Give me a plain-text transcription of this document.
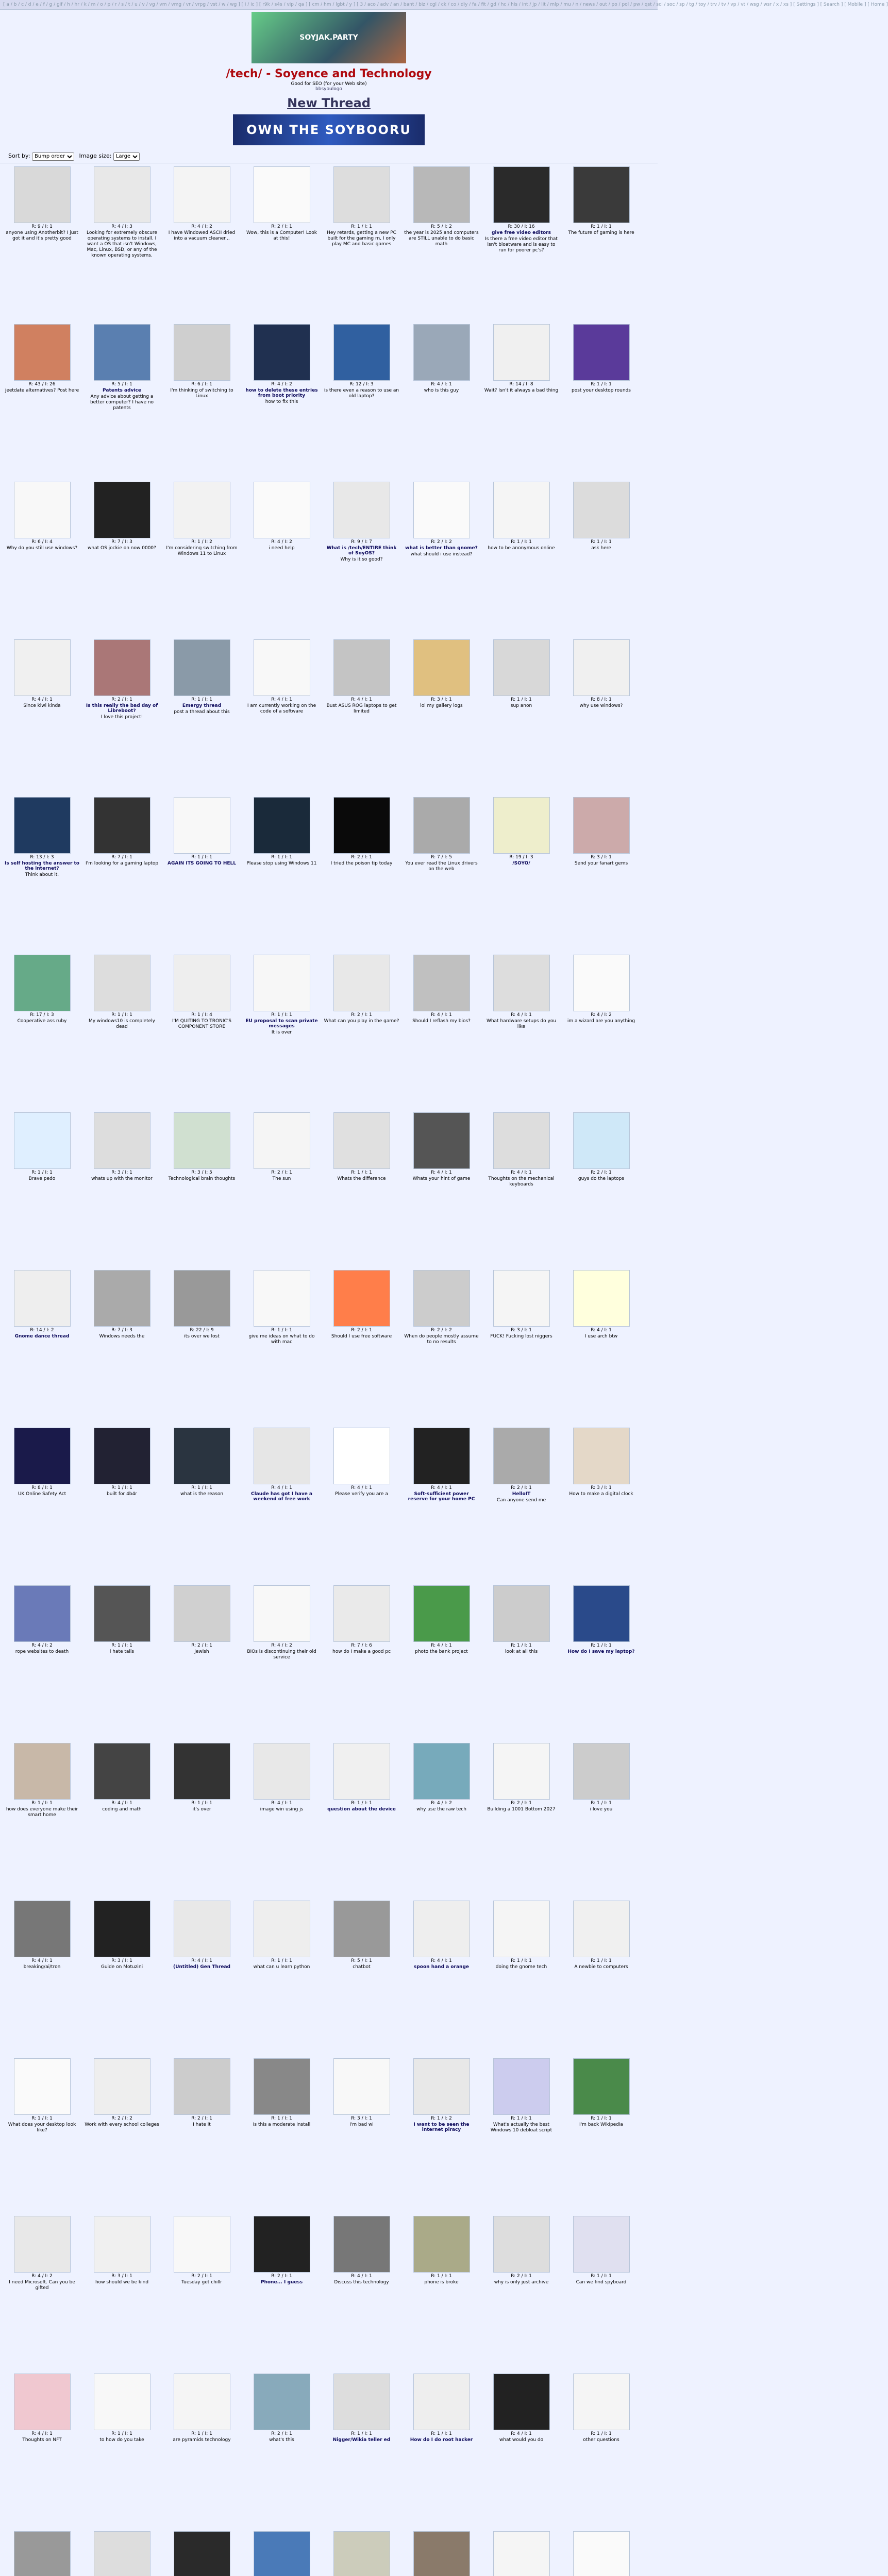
[ a / b / c / d / e / f / g / gif / h / hr / k / m / o / p / r / s / t / u / v / vg / vm / vmg / vr / vrpg / vst / w / wg ] [ i / ic ] [ r9k / s4s / vip / qa ] [ cm / hm / lgbt / y ] [ 3 / aco / adv / an / bant / biz / cgl / ck / co / diy / fa / fit / gd / hc / his / int / jp / lit / mlp / mu / n / news / out / po / pol / pw / qst / sci / soc / sp / tg / toy / trv / tv / vp / vt / wsg / wsr / x / xs ] [ Settings ] [ Search ] [ Mobile ] [ Home ]
SOYJAK.PARTY
/tech/ - Soyence and Technology
Good for SEO (for your Web site)
bbsyoulogo
New Thread
OWN THE SOYBOORU
Sort by:
Bump order	Image size:
Large
R: 9 / I: 1
anyone using Anotherbit? I just got it and it's pretty good
R: 4 / I: 3
Looking for extremely obscure operating systems to install. I want a OS that isn't Windows, Mac, Linux, BSD, or any of the known operating systems.
R: 4 / I: 2
I have Windowed ASCII dried into a vacuum cleaner...
R: 2 / I: 1
Wow, this is a Computer! Look at this!
R: 1 / I: 1
Hey retards, getting a new PC built for the gaming rn, I only play MC and basic games
R: 5 / I: 2
the year is 2025 and computers are STILL unable to do basic math
R: 30 / I: 16
give free video editors
Is there a free video editor that isn't bloatware and is easy to run for poorer pc's?
R: 1 / I: 1
The future of gaming is here
R: 43 / I: 26
jeetdate alternatives? Post here
R: 5 / I: 1
Patents advice
Any advice about getting a better computer? I have no patents
R: 6 / I: 1
I'm thinking of switching to Linux
R: 4 / I: 2
how to delete these entries from boot priority
how to fix this
R: 12 / I: 3
is there even a reason to use an old laptop?
R: 4 / I: 1
who is this guy
R: 14 / I: 8
Wait? Isn't it always a bad thing
R: 1 / I: 1
post your desktop rounds
R: 6 / I: 4
Why do you still use windows?
R: 7 / I: 3
what OS jockie on now 0000?
R: 1 / I: 2
I'm considering switching from Windows 11 to Linux
R: 4 / I: 2
i need help
R: 9 / I: 7
What is /tech/ENTIRE think of SoyOS?
Why is it so good?
R: 2 / I: 2
what is better than gnome?
what should i use instead?
R: 1 / I: 1
how to be anonymous online
R: 1 / I: 1
ask here
R: 4 / I: 1
Since kiwi kinda
R: 2 / I: 1
Is this really the bad day of Libreboot?
I love this project!
R: 1 / I: 1
Emergy thread
post a thread about this
R: 4 / I: 1
I am currently working on the code of a software
R: 4 / I: 1
Bust ASUS ROG laptops to get limited
R: 3 / I: 1
lol my gallery logs
R: 1 / I: 1
sup anon
R: 8 / I: 1
why use windows?
R: 13 / I: 3
Is self hosting the answer to the internet?
Think about it.
R: 7 / I: 1
I'm looking for a gaming laptop
R: 1 / I: 1
AGAIN ITS GOING TO HELL
R: 1 / I: 1
Please stop using Windows 11
R: 2 / I: 1
I tried the poison tip today
R: 7 / I: 5
You ever read the Linux drivers on the web
R: 19 / I: 3
/SOYO/
R: 3 / I: 1
Send your fanart gems
R: 17 / I: 3
Cooperative ass ruby
R: 1 / I: 1
My windows10 is completely dead
R: 1 / I: 4
I'M QUITING TO TRONIC'S COMPONENT STORE
R: 1 / I: 1
EU proposal to scan private messages
It is over
R: 2 / I: 1
What can you play in the game?
R: 4 / I: 1
Should I reflash my bios?
R: 4 / I: 1
What hardware setups do you like
R: 4 / I: 2
im a wizard are you anything
R: 1 / I: 1
Brave pedo
R: 3 / I: 1
whats up with the monitor
R: 3 / I: 5
Technological brain thoughts
R: 2 / I: 1
The sun
R: 1 / I: 1
Whats the difference
R: 4 / I: 1
Whats your hint of game
R: 4 / I: 1
Thoughts on the mechanical keyboards
R: 2 / I: 1
guys do the laptops
R: 14 / I: 2
Gnome dance thread
R: 7 / I: 3
Windows needs the
R: 22 / I: 9
its over we lost
R: 1 / I: 1
give me ideas on what to do with mac
R: 2 / I: 1
Should I use free software
R: 2 / I: 2
When do people mostly assume to no results
R: 3 / I: 1
FUCK! Fucking lost niggers
R: 4 / I: 1
I use arch btw
R: 8 / I: 1
UK Online Safety Act
R: 1 / I: 1
built for 4b4r
R: 1 / I: 1
what is the reason
R: 4 / I: 1
Claude has got I have a weekend of free work
R: 4 / I: 1
Please verify you are a
R: 4 / I: 1
Soft-sufficient power reserve for your home PC
R: 2 / I: 1
HelloIT
Can anyone send me
R: 3 / I: 1
How to make a digital clock
R: 4 / I: 2
rope websites to death
R: 1 / I: 1
i hate tails
R: 2 / I: 1
jewish
R: 4 / I: 2
BIOs is discontinuing their old service
R: 7 / I: 6
how do I make a good pc
R: 4 / I: 1
photo the bank project
R: 1 / I: 1
look at all this
R: 1 / I: 1
How do I save my laptop?
R: 1 / I: 1
how does everyone make their smart home
R: 4 / I: 1
coding and math
R: 1 / I: 1
it's over
R: 4 / I: 1
image win using js
R: 1 / I: 1
question about the device
R: 4 / I: 2
why use the raw tech
R: 2 / I: 1
Building a 1001 Bottom 2027
R: 1 / I: 1
i love you
R: 4 / I: 1
breaking/ai/tron
R: 3 / I: 1
Guide on Motuzini
R: 4 / I: 1
(Untitled) Gen Thread
R: 1 / I: 1
what can u learn python
R: 5 / I: 1
chatbot
R: 4 / I: 1
spoon hand a orange
R: 1 / I: 1
doing the gnome tech
R: 1 / I: 1
A newbie to computers
R: 1 / I: 1
What does your desktop look like?
R: 2 / I: 2
Work with every school colleges
R: 2 / I: 1
I hate it
R: 1 / I: 1
Is this a moderate install
R: 3 / I: 1
I'm bad wi
R: 1 / I: 2
I want to be seen the internet piracy
R: 1 / I: 1
What's actually the best Windows 10 debloat script
R: 1 / I: 1
I'm back Wikipedia
R: 4 / I: 2
I need Microsoft. Can you be gifted
R: 3 / I: 1
how should we be kind
R: 2 / I: 1
Tuesday get chillr
R: 2 / I: 1
Phone... I guess
R: 4 / I: 1
Discuss this technology
R: 1 / I: 1
phone is broke
R: 2 / I: 1
why is only just archive
R: 1 / I: 1
Can we find spyboard
R: 4 / I: 1
Thoughts on NFT
R: 1 / I: 1
to how do you take
R: 1 / I: 1
are pyramids technology
R: 2 / I: 1
what's this
R: 1 / I: 1
Nigger/Wikia teller ed
R: 1 / I: 1
How do I do root hacker
R: 4 / I: 1
what would you do
R: 1 / I: 1
other questions
